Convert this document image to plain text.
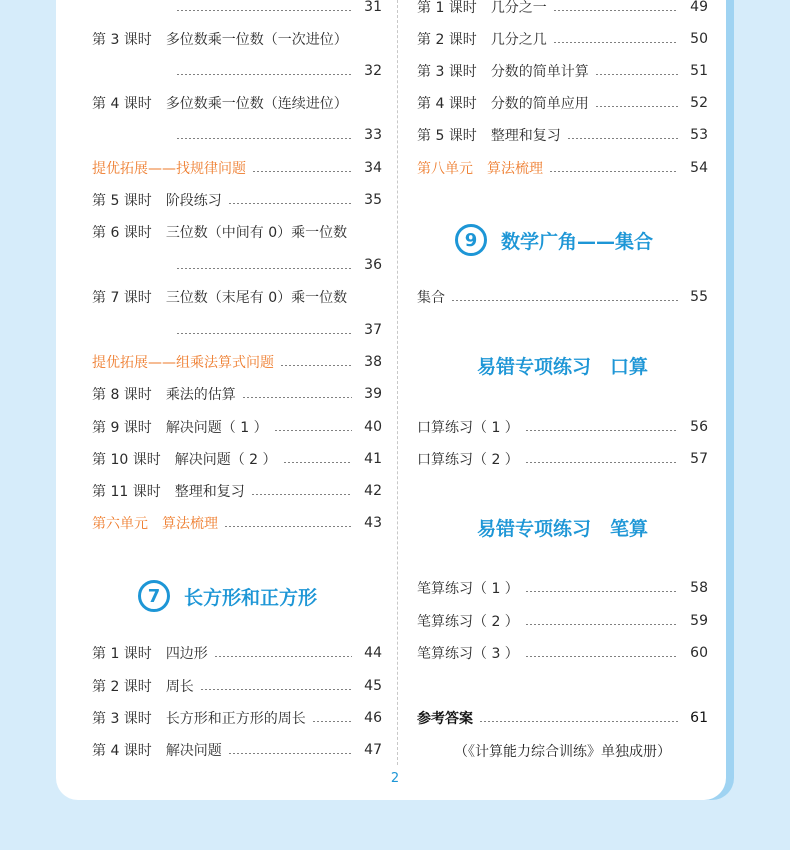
31
第 3 课时 多位数乘一位数（一次进位）
32
第 4 课时 多位数乘一位数（连续进位）
33
提优拓展——找规律问题	34
第 5 课时 阶段练习	35
第 6 课时 三位数（中间有 0）乘一位数
36
第 7 课时 三位数（末尾有 0）乘一位数
37
提优拓展——组乘法算式问题	38
第 8 课时 乘法的估算	39
第 9 课时 解决问题（ 1 ）	40
第 10 课时 解决问题（ 2 ）	41
第 11 课时 整理和复习	42
第六单元 算法梳理	43
7	长方形和正方形
第 1 课时 四边形	44
第 2 课时 周长	45
第 3 课时 长方形和正方形的周长	46
第 4 课时 解决问题	47
第 1 课时 几分之一	49
第 2 课时 几分之几	50
第 3 课时 分数的简单计算	51
第 4 课时 分数的简单应用	52
第 5 课时 整理和复习	53
第八单元 算法梳理	54
9	数学广角——集合
集合	55
易错专项练习　口算
口算练习（ 1 ）	56
口算练习（ 2 ）	57
易错专项练习　笔算
笔算练习（ 1 ）	58
笔算练习（ 2 ）	59
笔算练习（ 3 ）	60
参考答案	61
（《计算能力综合训练》单独成册）
2
